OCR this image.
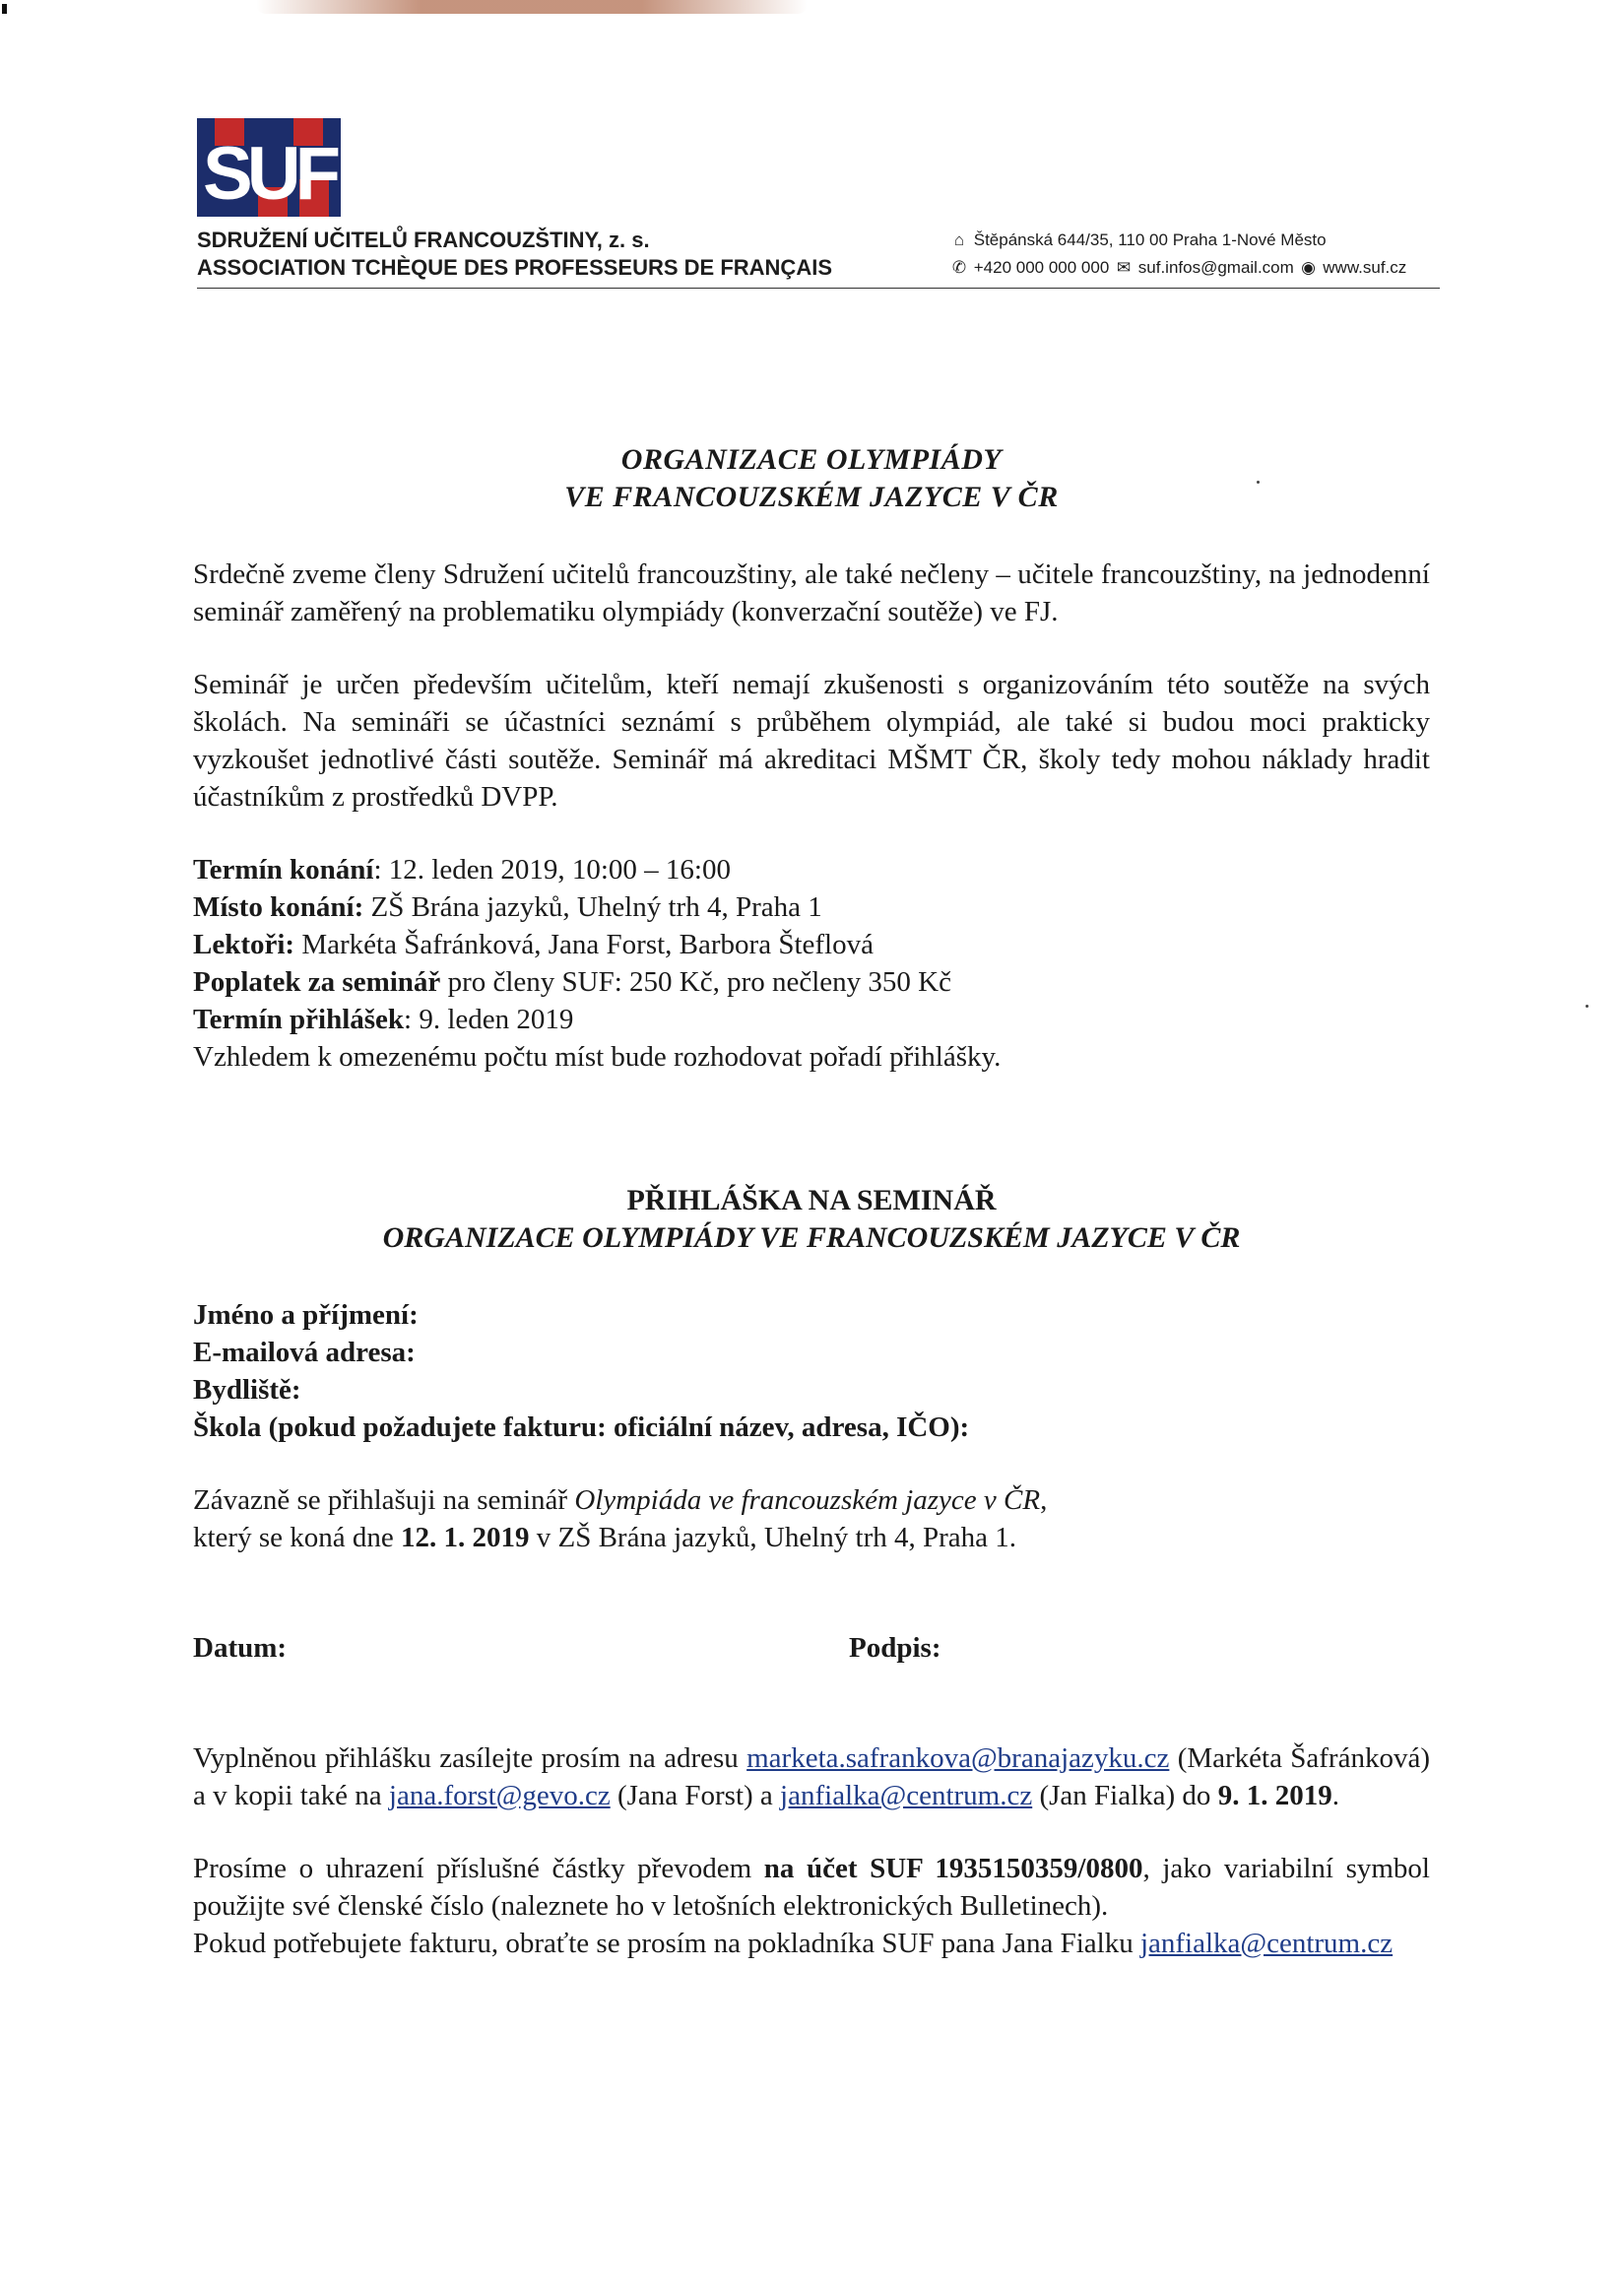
SUF
SDRUŽENÍ UČITELŮ FRANCOUZŠTINY, z. s.
ASSOCIATION TCHÈQUE DES PROFESSEURS DE FRANÇAIS
⌂ Štěpánská 644/35, 110 00 Praha 1-Nové Město
✆ +420 000 000 000 ✉ suf.infos@gmail.com ◉ www.suf.cz
ORGANIZACE OLYMPIÁDY
VE FRANCOUZSKÉM JAZYCE V ČR

Srdečně zveme členy Sdružení učitelů francouzštiny, ale také nečleny – učitele francouzštiny, na jednodenní seminář zaměřený na problematiku olympiády (konverzační soutěže) ve FJ.

Seminář je určen především učitelům, kteří nemají zkušenosti s organizováním této soutěže na svých školách. Na semináři se účastníci seznámí s průběhem olympiád, ale také si budou moci prakticky vyzkoušet jednotlivé části soutěže. Seminář má akreditaci MŠMT ČR, školy tedy mohou náklady hradit účastníkům z prostředků DVPP.

Termín konání: 12. leden 2019, 10:00 – 16:00
Místo konání: ZŠ Brána jazyků, Uhelný trh 4, Praha 1
Lektoři: Markéta Šafránková, Jana Forst, Barbora Šteflová
Poplatek za seminář pro členy SUF: 250 Kč, pro nečleny 350 Kč
Termín přihlášek: 9. leden 2019
Vzhledem k omezenému počtu míst bude rozhodovat pořadí přihlášky.
PŘIHLÁŠKA NA SEMINÁŘ
ORGANIZACE OLYMPIÁDY VE FRANCOUZSKÉM JAZYCE V ČR
Jméno a příjmení:
E-mailová adresa:
Bydliště:
Škola (pokud požadujete fakturu: oficiální název, adresa, IČO):
Závazně se přihlašuji na seminář Olympiáda ve francouzském jazyce v ČR,
který se koná dne 12. 1. 2019 v ZŠ Brána jazyků, Uhelný trh 4, Praha 1.
Datum:	Podpis:

Vyplněnou přihlášku zasílejte prosím na adresu marketa.safrankova@branajazyku.cz (Markéta Šafránková) a v kopii také na jana.forst@gevo.cz (Jana Forst) a janfialka@centrum.cz (Jan Fialka) do 9. 1. 2019.

Prosíme o uhrazení příslušné částky převodem na účet SUF 1935150359/0800, jako variabilní symbol použijte své členské číslo (naleznete ho v letošních elektronických Bulletinech).
Pokud potřebujete fakturu, obraťte se prosím na pokladníka SUF pana Jana Fialku janfialka@centrum.cz
